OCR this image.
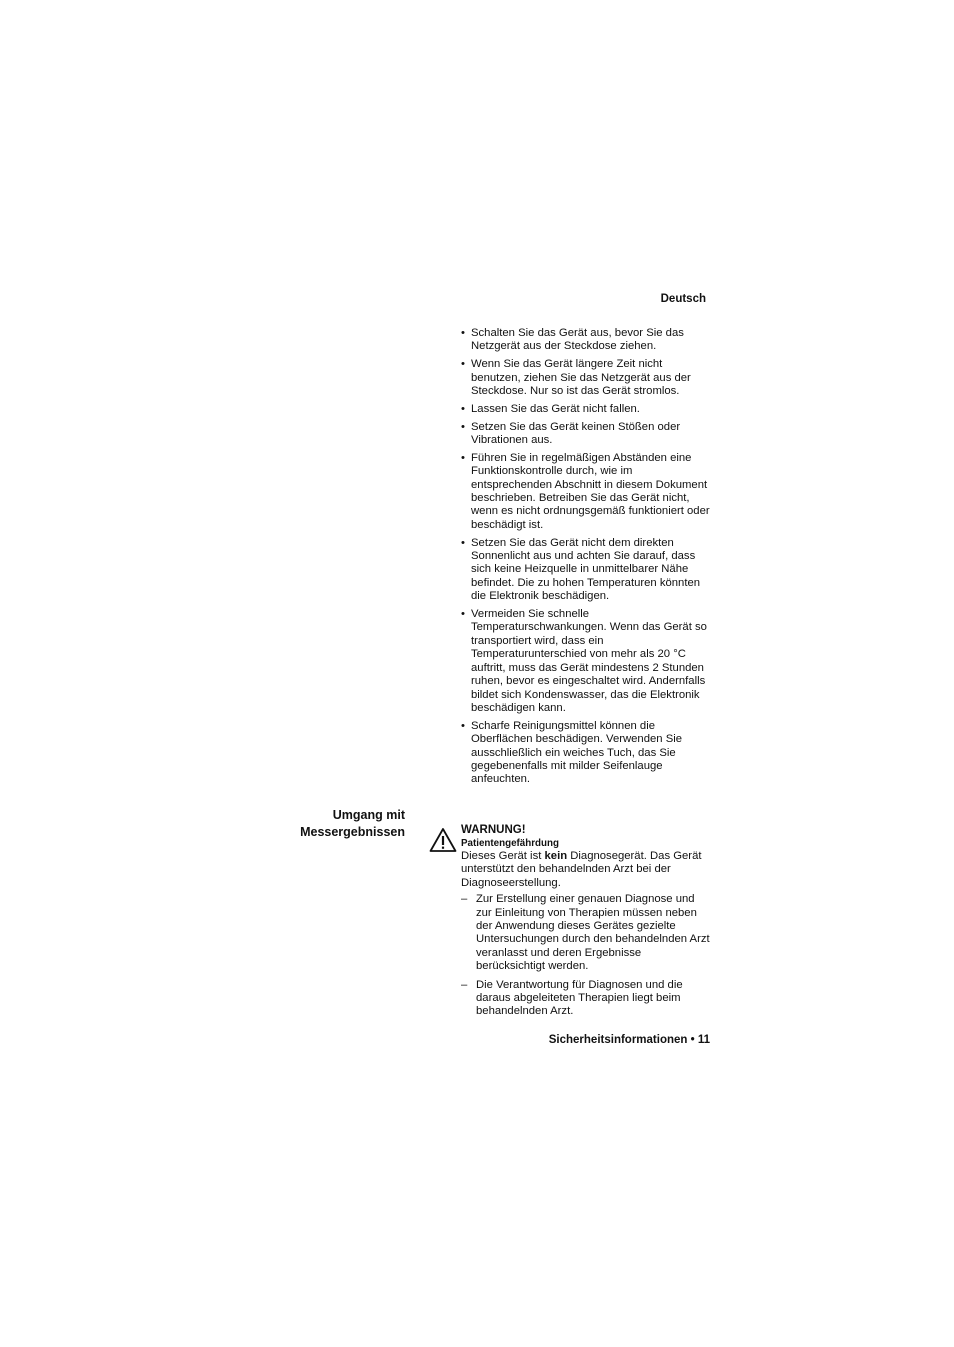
Deutsch
• Schalten Sie das Gerät aus, bevor Sie das Netzgerät aus der Steckdose ziehen.
• Wenn Sie das Gerät längere Zeit nicht benutzen, ziehen Sie das Netzgerät aus der Steckdose. Nur so ist das Gerät stromlos.
• Lassen Sie das Gerät nicht fallen.
• Setzen Sie das Gerät keinen Stößen oder Vibrationen aus.
• Führen Sie in regelmäßigen Abständen eine Funktionskontrolle durch, wie im entsprechenden Abschnitt in diesem Dokument beschrieben. Betreiben Sie das Gerät nicht, wenn es nicht ordnungsgemäß funktioniert oder beschädigt ist.
• Setzen Sie das Gerät nicht dem direkten Sonnenlicht aus und achten Sie darauf, dass sich keine Heizquelle in unmittelbarer Nähe befindet. Die zu hohen Temperaturen könnten die Elektronik beschädigen.
• Vermeiden Sie schnelle Temperaturschwankungen. Wenn das Gerät so transportiert wird, dass ein Temperaturunterschied von mehr als 20 °C auftritt, muss das Gerät mindestens 2 Stunden ruhen, bevor es eingeschaltet wird. Andernfalls bildet sich Kondenswasser, das die Elektronik beschädigen kann.
• Scharfe Reinigungsmittel können die Oberflächen beschädigen. Verwenden Sie ausschließlich ein weiches Tuch, das Sie gegebenenfalls mit milder Seifenlauge anfeuchten.
Umgang mit
Messergebnissen	WARNUNG!
Patientengefährdung
Dieses Gerät ist kein Diagnosegerät. Das Gerät unterstützt den behandelnden Arzt bei der Diagnoseerstellung.
– Zur Erstellung einer genauen Diagnose und zur Einleitung von Therapien müssen neben der Anwendung dieses Gerätes gezielte Untersuchungen durch den behandelnden Arzt veranlasst und deren Ergebnisse berücksichtigt werden.
– Die Verantwortung für Diagnosen und die daraus abgeleiteten Therapien liegt beim behandelnden Arzt.
Sicherheitsinformationen • 11
